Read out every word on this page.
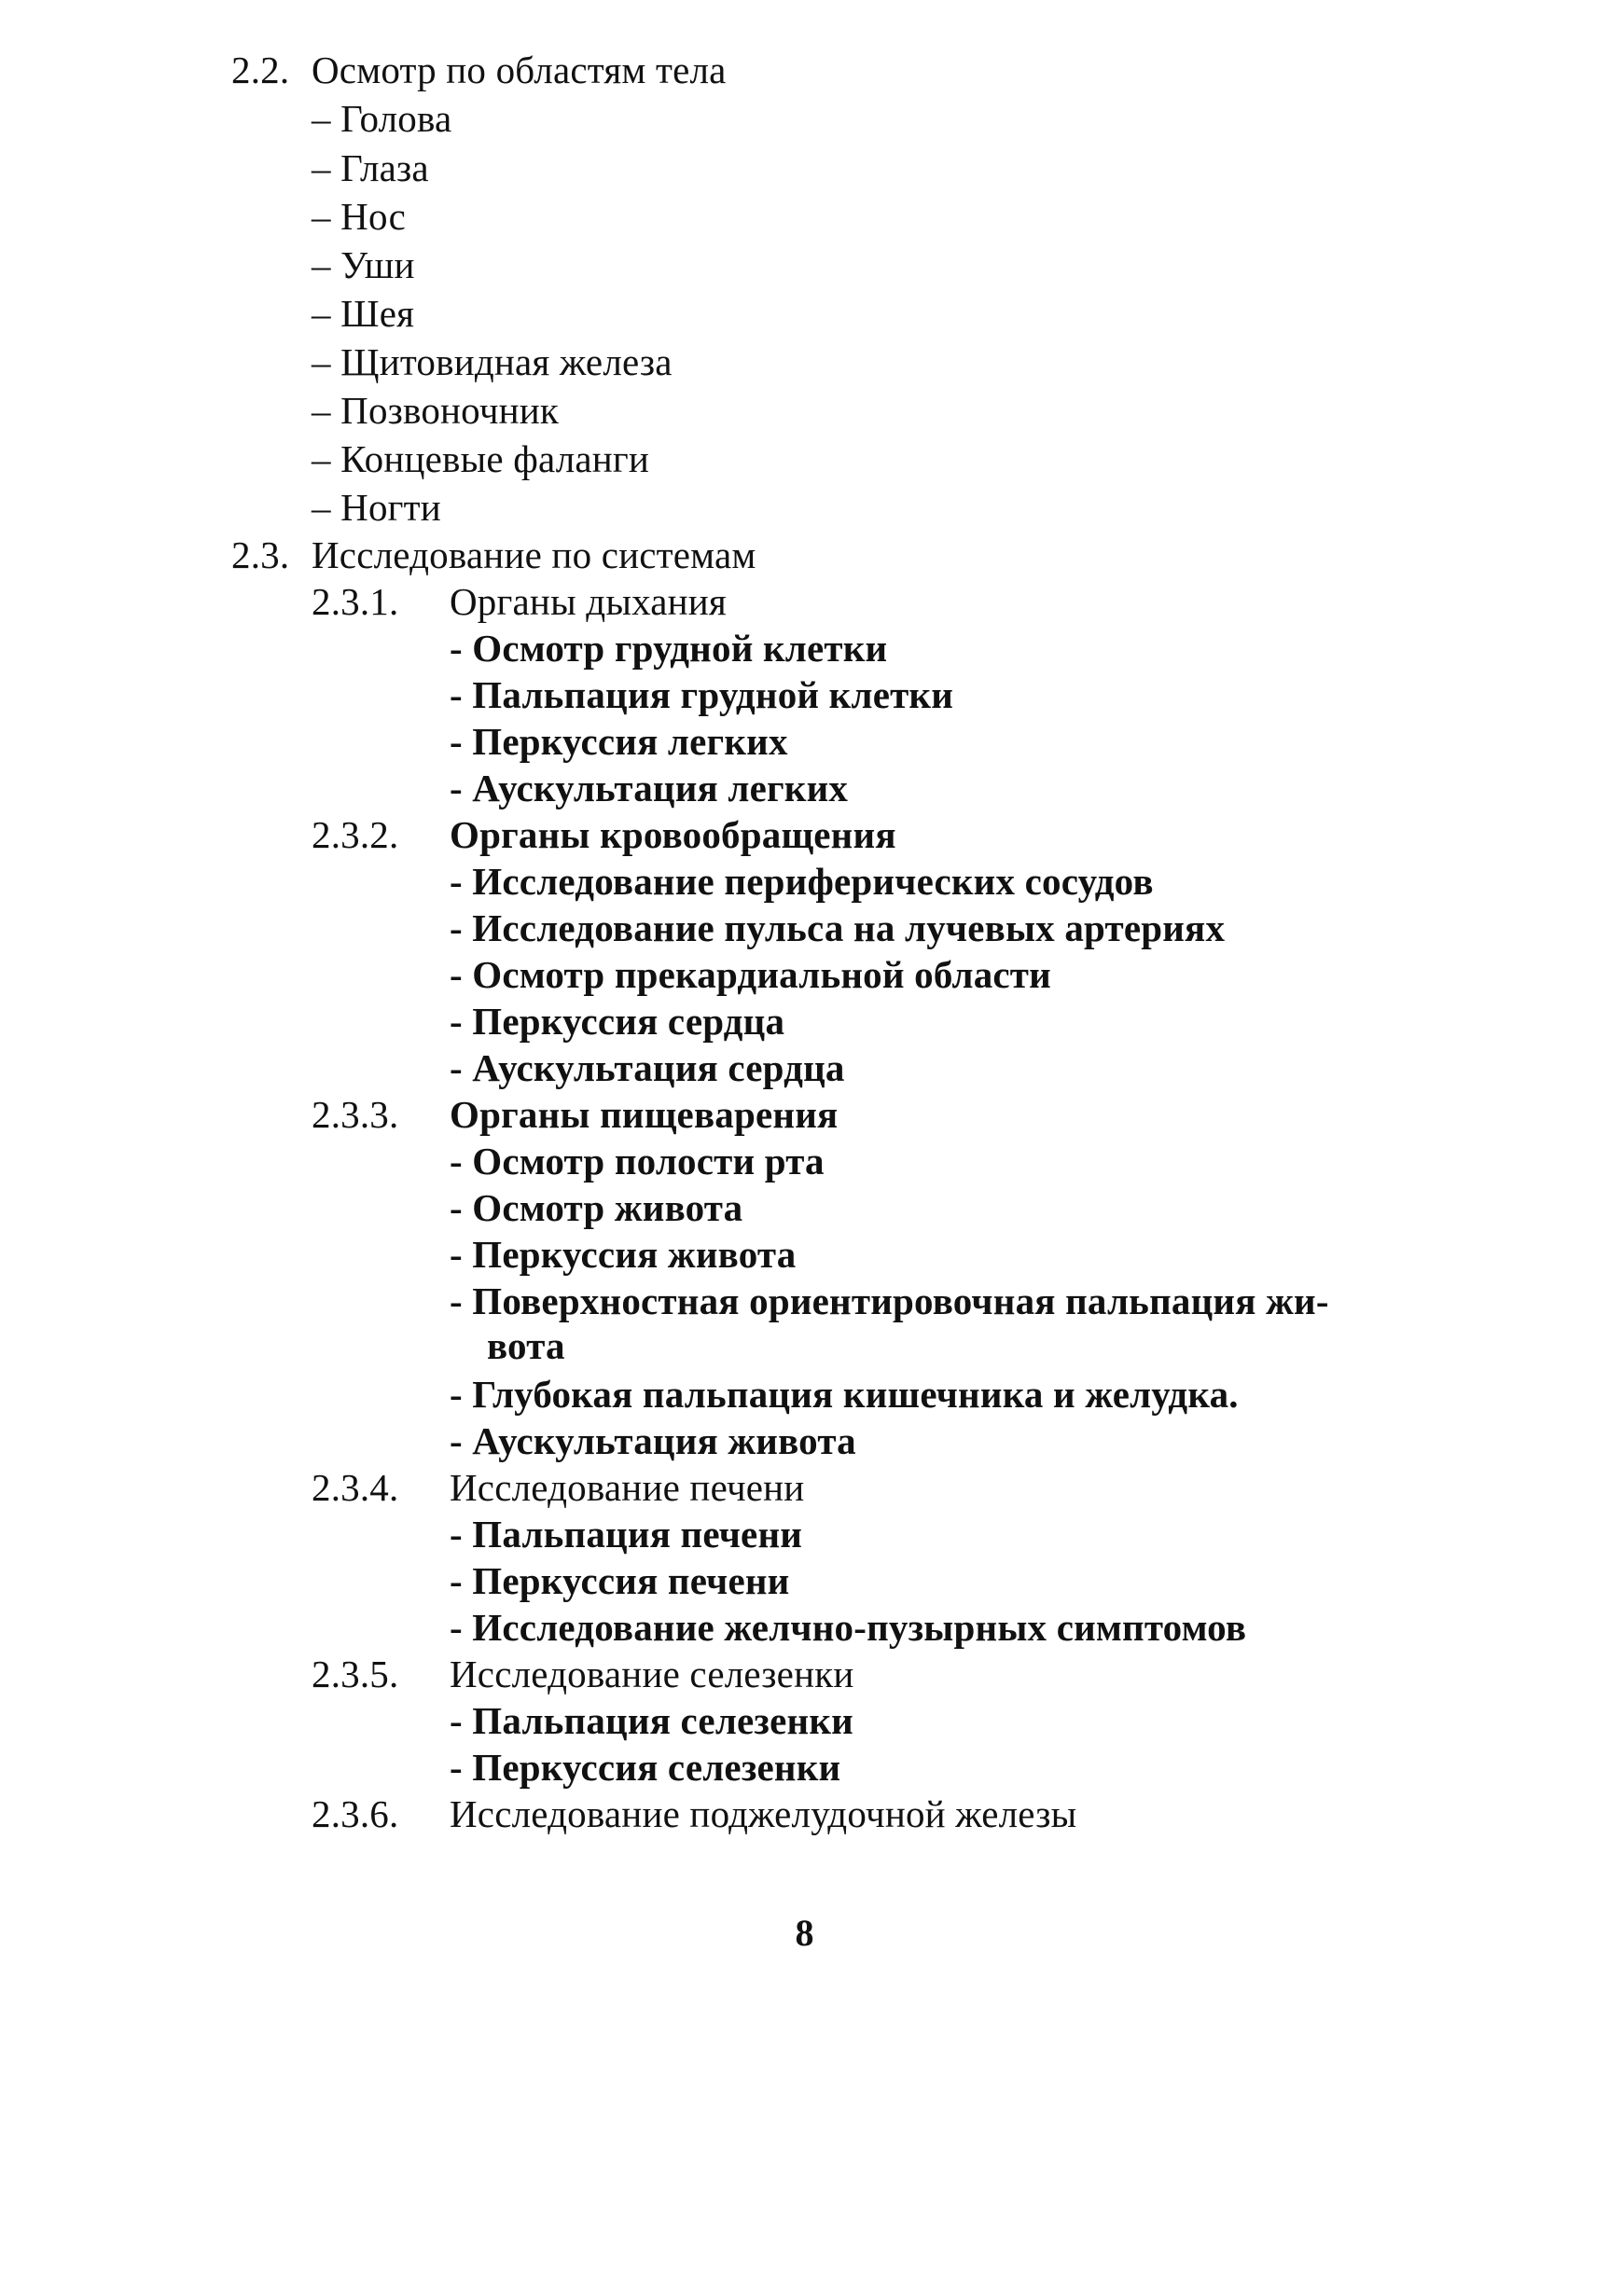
2.2. Осмотр по областям тела
– Голова
– Глаза
– Нос
– Уши
– Шея
– Щитовидная железа
– Позвоночник
– Концевые фаланги
– Ногти
2.3. Исследование по системам
2.3.1. Органы дыхания
- Осмотр грудной клетки
- Пальпация грудной клетки
- Перкуссия легких
- Аускультация легких
2.3.2. Органы кровообращения
- Исследование периферических сосудов
- Исследование пульса на лучевых артериях
- Осмотр прекардиальной области
- Перкуссия сердца
- Аускультация сердца
2.3.3. Органы пищеварения
- Осмотр полости рта
- Осмотр живота
- Перкуссия живота
- Поверхностная ориентировочная пальпация жи-
вота
- Глубокая пальпация кишечника и желудка.
- Аускультация живота
2.3.4. Исследование печени
- Пальпация печени
- Перкуссия печени
- Исследование желчно-пузырных симптомов
2.3.5. Исследование селезенки
- Пальпация селезенки
- Перкуссия селезенки
2.3.6. Исследование поджелудочной железы
8
